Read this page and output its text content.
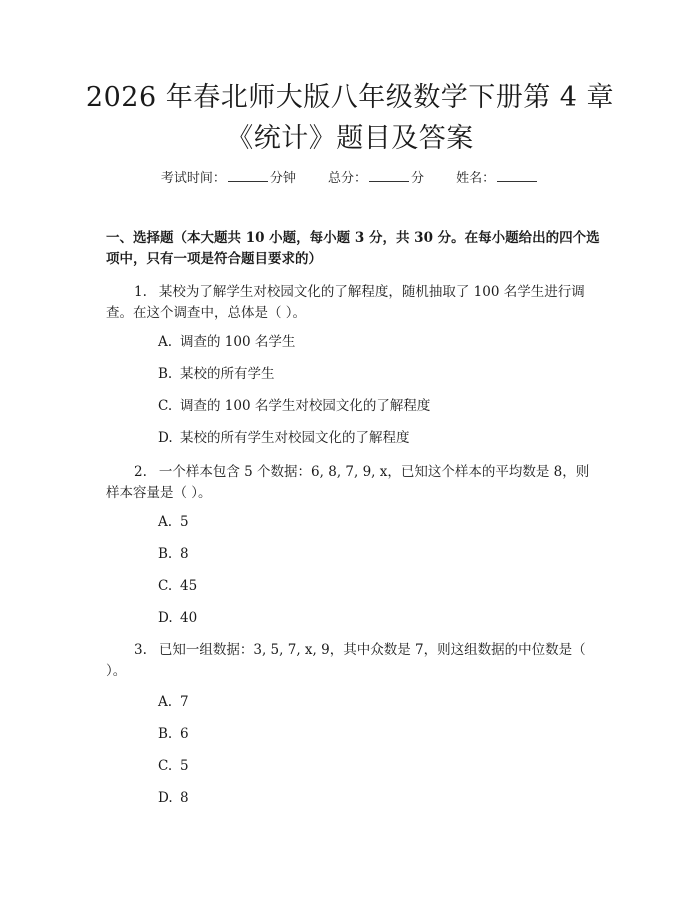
2026 年春北师大版八年级数学下册第 4 章
《统计》题目及答案
考试时间：	分钟 总分：	分 姓名：
一、选择题（本大题共 10 小题，每小题 3 分，共 30 分。在每小题给出的四个选项中，只有一项是符合题目要求的）
1. 某校为了解学生对校园文化的了解程度，随机抽取了 100 名学生进行调查。在这个调查中，总体是（ ）。
A. 调查的 100 名学生
B. 某校的所有学生
C. 调查的 100 名学生对校园文化的了解程度
D. 某校的所有学生对校园文化的了解程度
2. 一个样本包含 5 个数据：6, 8, 7, 9, x，已知这个样本的平均数是 8，则样本容量是（ ）。
A. 5
B. 8
C. 45
D. 40
3. 已知一组数据：3, 5, 7, x, 9，其中众数是 7，则这组数据的中位数是（ ）。
A. 7
B. 6
C. 5
D. 8
